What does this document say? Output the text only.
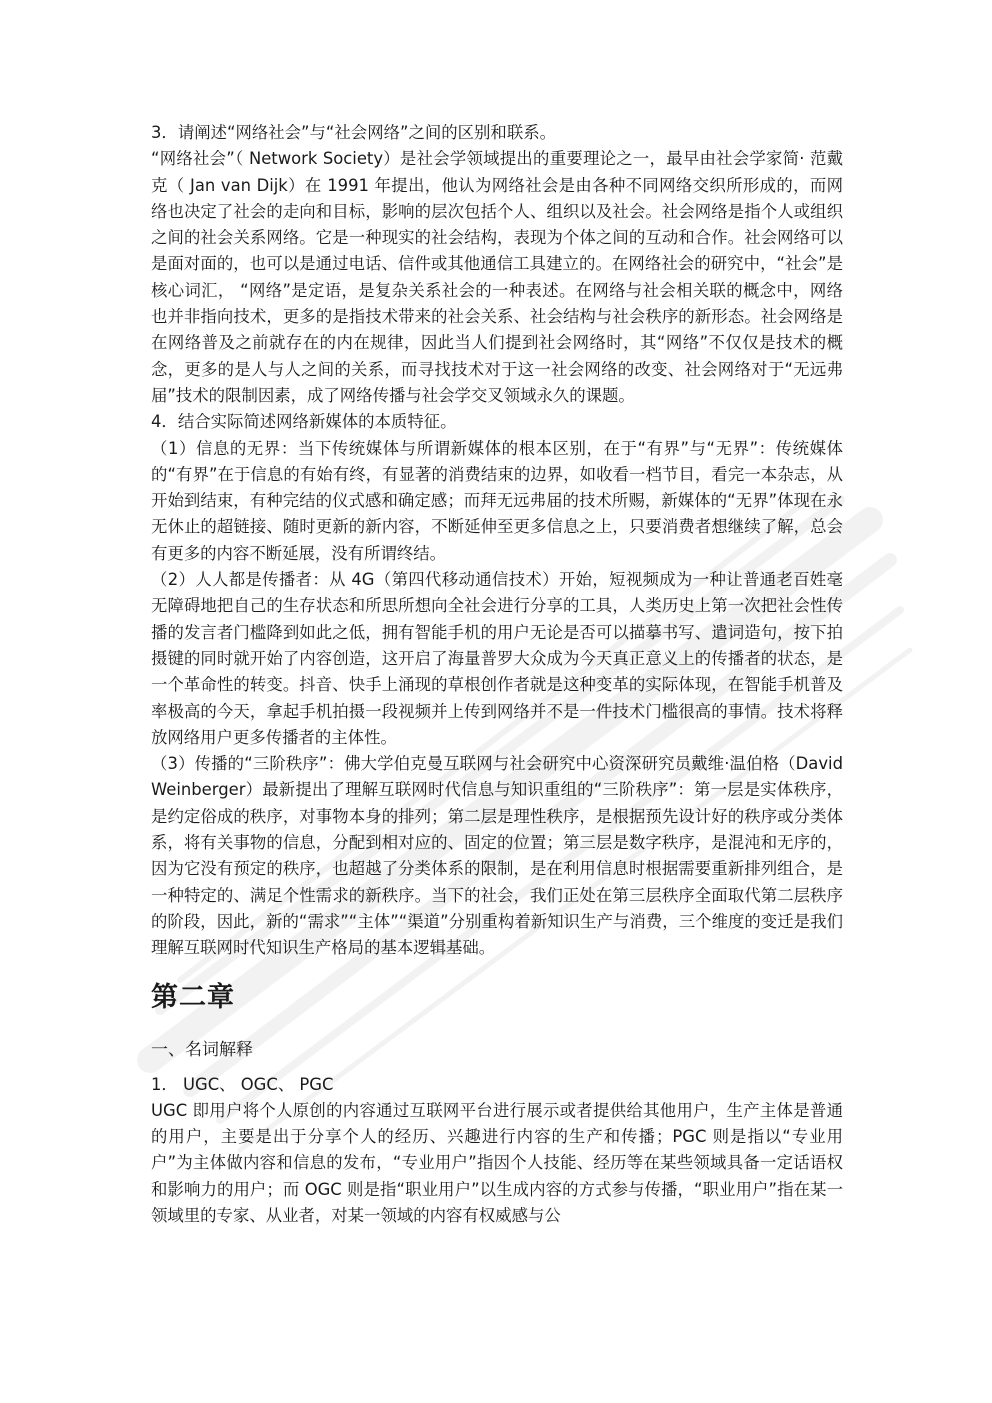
3．请阐述“网络社会”与“社会网络”之间的区别和联系。

“网络社会”（ Network Society）是社会学领域提出的重要理论之一，最早由社会学家简· 范戴克（ Jan van Dijk）在 1991 年提出，他认为网络社会是由各种不同网络交织所形成的，而网络也决定了社会的走向和目标，影响的层次包括个人、组织以及社会。社会网络是指个人或组织之间的社会关系网络。它是一种现实的社会结构，表现为个体之间的互动和合作。社会网络可以是面对面的，也可以是通过电话、信件或其他通信工具建立的。在网络社会的研究中，“社会”是核心词汇， “网络”是定语，是复杂关系社会的一种表述。在网络与社会相关联的概念中，网络也并非指向技术，更多的是指技术带来的社会关系、社会结构与社会秩序的新形态。社会网络是在网络普及之前就存在的内在规律，因此当人们提到社会网络时，其“网络”不仅仅是技术的概念，更多的是人与人之间的关系，而寻找技术对于这一社会网络的改变、社会网络对于“无远弗届”技术的限制因素，成了网络传播与社会学交叉领域永久的课题。

4．结合实际简述网络新媒体的本质特征。

（1）信息的无界：当下传统媒体与所谓新媒体的根本区别，在于“有界”与“无界”：传统媒体的“有界”在于信息的有始有终，有显著的消费结束的边界，如收看一档节目，看完一本杂志，从开始到结束，有种完结的仪式感和确定感；而拜无远弗届的技术所赐，新媒体的“无界”体现在永无休止的超链接、随时更新的新内容，不断延伸至更多信息之上，只要消费者想继续了解，总会有更多的内容不断延展，没有所谓终结。

（2）人人都是传播者：从 4G（第四代移动通信技术）开始，短视频成为一种让普通老百姓毫无障碍地把自己的生存状态和所思所想向全社会进行分享的工具，人类历史上第一次把社会性传播的发言者门槛降到如此之低，拥有智能手机的用户无论是否可以描摹书写、遣词造句，按下拍摄键的同时就开始了内容创造，这开启了海量普罗大众成为今天真正意义上的传播者的状态，是一个革命性的转变。抖音、快手上涌现的草根创作者就是这种变革的实际体现，在智能手机普及率极高的今天，拿起手机拍摄一段视频并上传到网络并不是一件技术门槛很高的事情。技术将释放网络用户更多传播者的主体性。

（3）传播的“三阶秩序”：佛大学伯克曼互联网与社会研究中心资深研究员戴维·温伯格（David Weinberger）最新提出了理解互联网时代信息与知识重组的“三阶秩序”：第一层是实体秩序，是约定俗成的秩序，对事物本身的排列；第二层是理性秩序，是根据预先设计好的秩序或分类体系，将有关事物的信息，分配到相对应的、固定的位置；第三层是数字秩序，是混沌和无序的，因为它没有预定的秩序，也超越了分类体系的限制，是在利用信息时根据需要重新排列组合，是一种特定的、满足个性需求的新秩序。当下的社会，我们正处在第三层秩序全面取代第二层秩序的阶段，因此，新的“需求”“主体”“渠道”分别重构着新知识生产与消费，三个维度的变迁是我们理解互联网时代知识生产格局的基本逻辑基础。

第二章

一、名词解释

1． UGC、 OGC、 PGC

UGC 即用户将个人原创的内容通过互联网平台进行展示或者提供给其他用户，生产主体是普通的用户，主要是出于分享个人的经历、兴趣进行内容的生产和传播；PGC 则是指以“专业用户”为主体做内容和信息的发布，“专业用户”指因个人技能、经历等在某些领域具备一定话语权和影响力的用户；而 OGC 则是指“职业用户”以生成内容的方式参与传播，“职业用户”指在某一领域里的专家、从业者，对某一领域的内容有权威感与公
